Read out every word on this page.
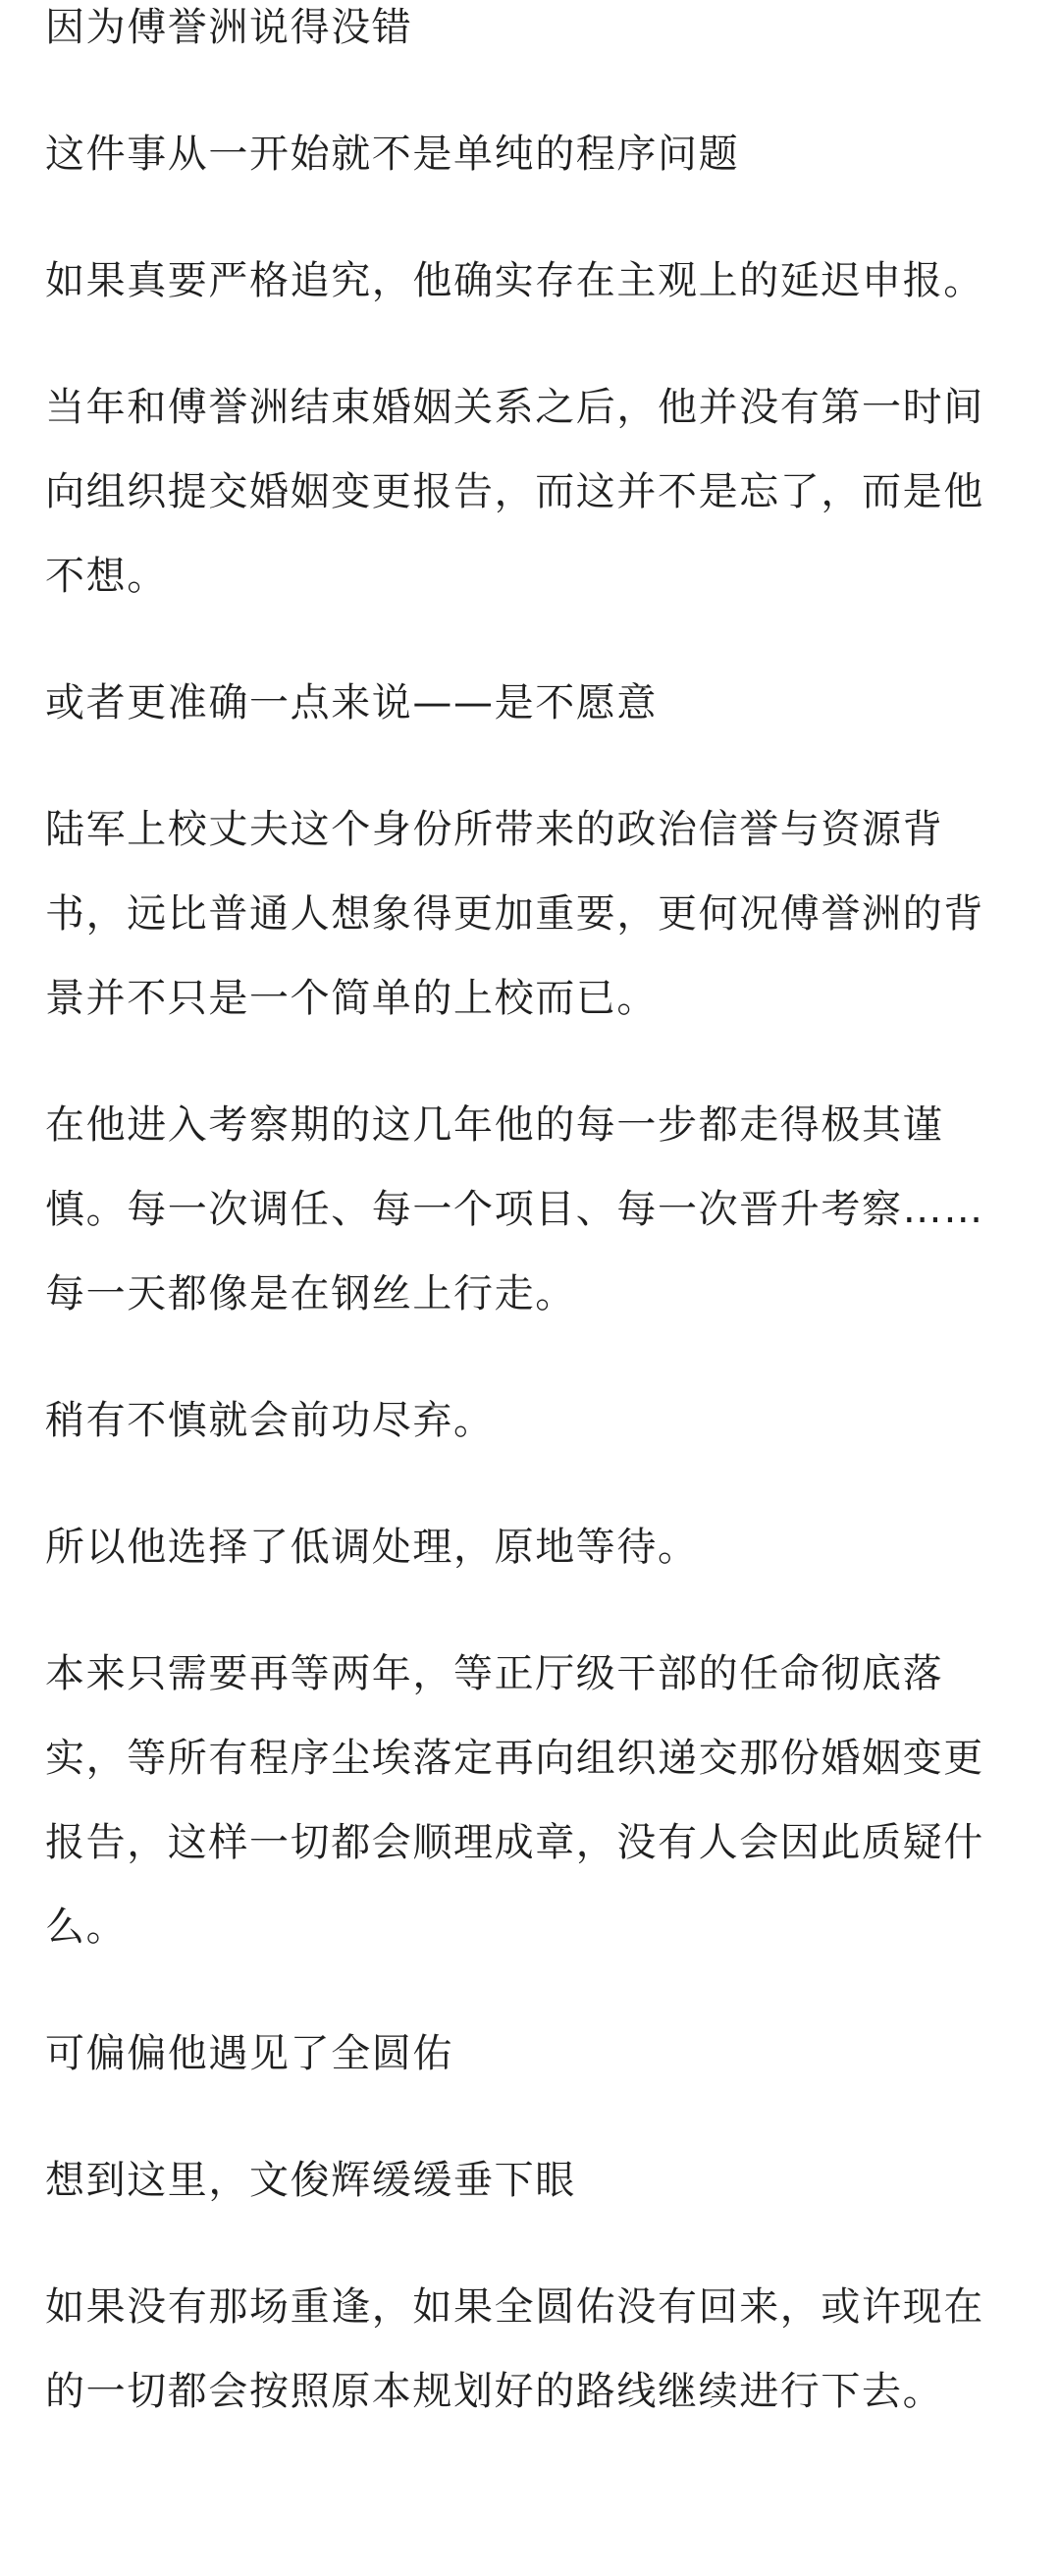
因为傅誉洲说得没错

这件事从一开始就不是单纯的程序问题

如果真要严格追究，他确实存在主观上的延迟申报。

当年和傅誉洲结束婚姻关系之后，他并没有第一时间向组织提交婚姻变更报告，而这并不是忘了，而是他不想。

或者更准确一点来说——是不愿意

陆军上校丈夫这个身份所带来的政治信誉与资源背书，远比普通人想象得更加重要，更何况傅誉洲的背景并不只是一个简单的上校而已。

在他进入考察期的这几年他的每一步都走得极其谨慎。每一次调任、每一个项目、每一次晋升考察……每一天都像是在钢丝上行走。

稍有不慎就会前功尽弃。

所以他选择了低调处理，原地等待。

本来只需要再等两年，等正厅级干部的任命彻底落实，等所有程序尘埃落定再向组织递交那份婚姻变更报告，这样一切都会顺理成章，没有人会因此质疑什么。

可偏偏他遇见了全圆佑

想到这里，文俊辉缓缓垂下眼

如果没有那场重逢，如果全圆佑没有回来，或许现在的一切都会按照原本规划好的路线继续进行下去。
